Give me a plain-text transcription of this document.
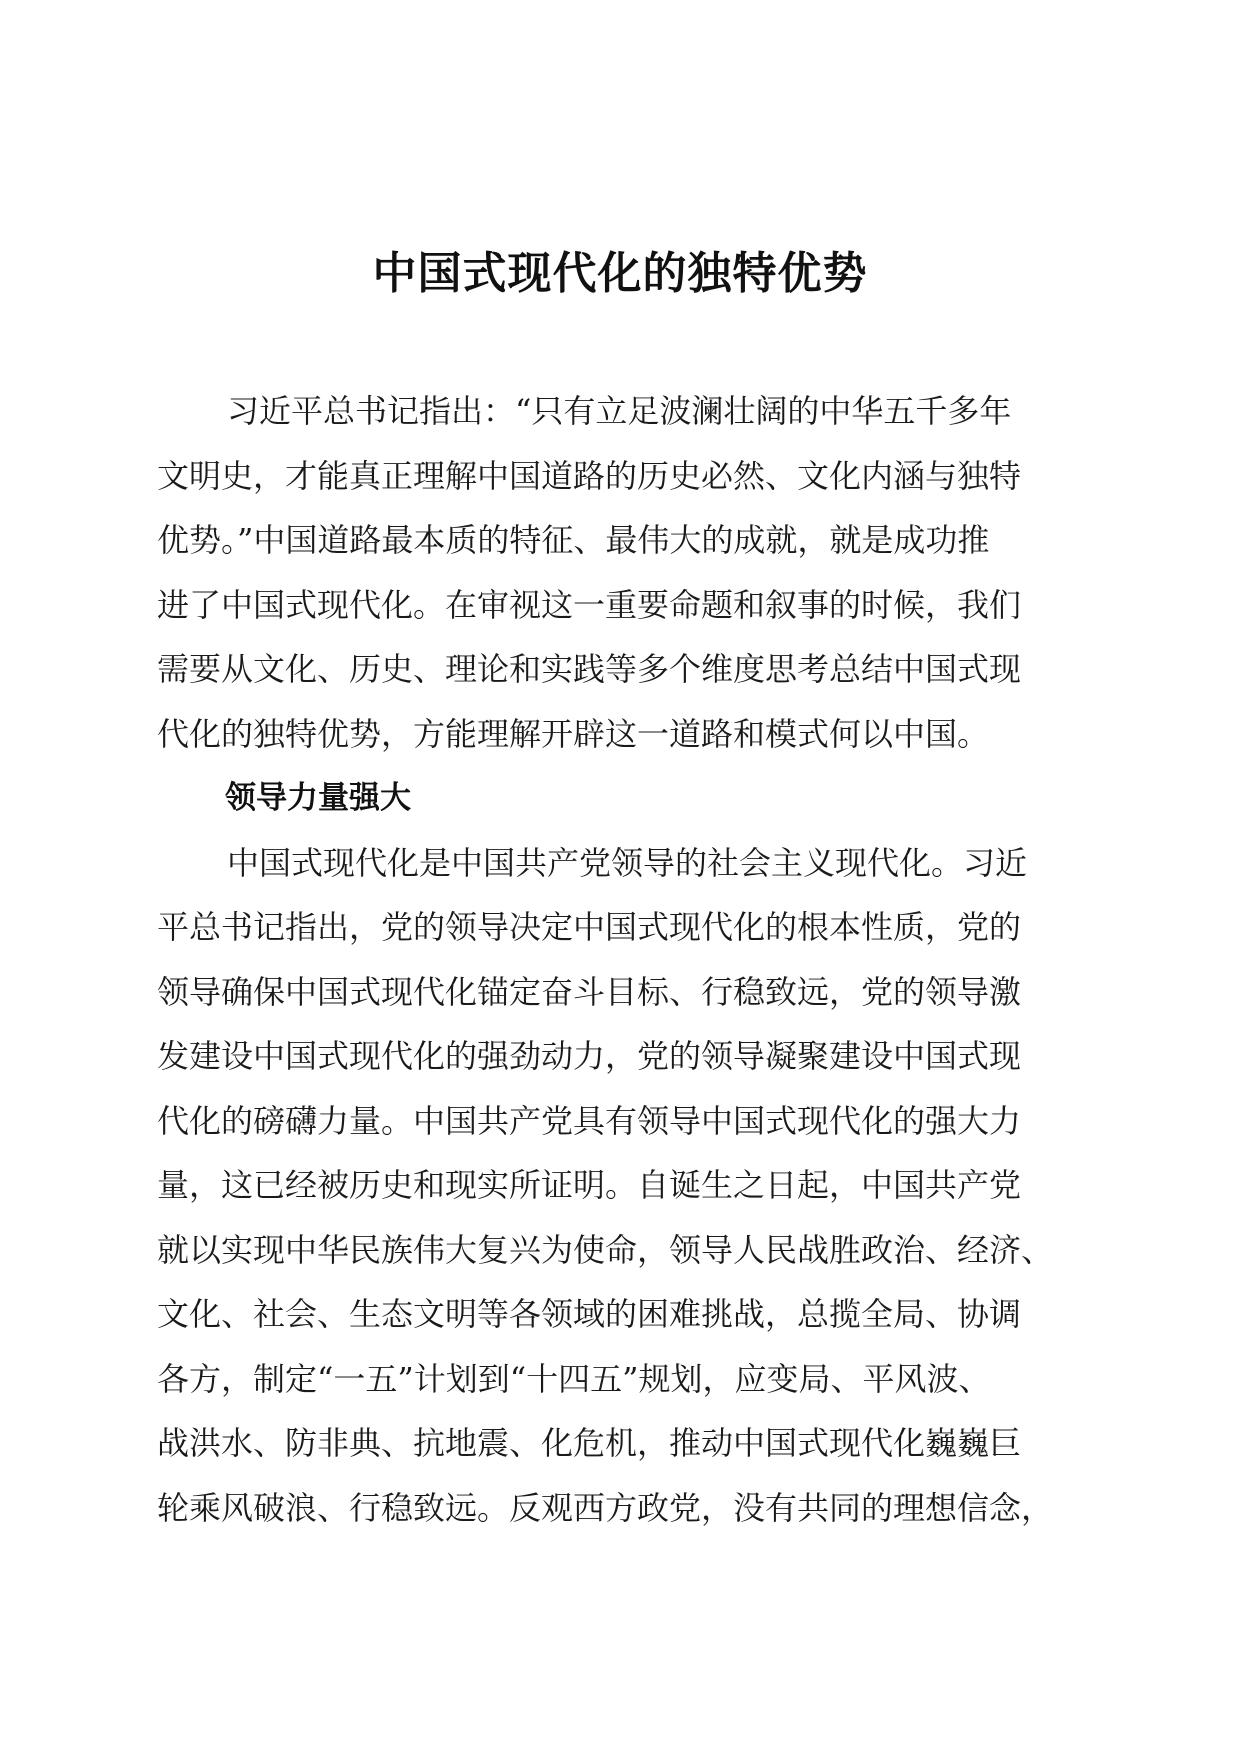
中国式现代化的独特优势
习近平总书记指出：“只有立足波澜壮阔的中华五千多年
文明史，才能真正理解中国道路的历史必然、文化内涵与独特
优势。”中国道路最本质的特征、最伟大的成就，就是成功推
进了中国式现代化。在审视这一重要命题和叙事的时候，我们
需要从文化、历史、理论和实践等多个维度思考总结中国式现
代化的独特优势，方能理解开辟这一道路和模式何以中国。
领导力量强大
中国式现代化是中国共产党领导的社会主义现代化。习近
平总书记指出，党的领导决定中国式现代化的根本性质，党的
领导确保中国式现代化锚定奋斗目标、行稳致远，党的领导激
发建设中国式现代化的强劲动力，党的领导凝聚建设中国式现
代化的磅礴力量。中国共产党具有领导中国式现代化的强大力
量，这已经被历史和现实所证明。自诞生之日起，中国共产党
就以实现中华民族伟大复兴为使命，领导人民战胜政治、经济、
文化、社会、生态文明等各领域的困难挑战，总揽全局、协调
各方，制定“一五”计划到“十四五”规划，应变局、平风波、
战洪水、防非典、抗地震、化危机，推动中国式现代化巍巍巨
轮乘风破浪、行稳致远。反观西方政党，没有共同的理想信念，
